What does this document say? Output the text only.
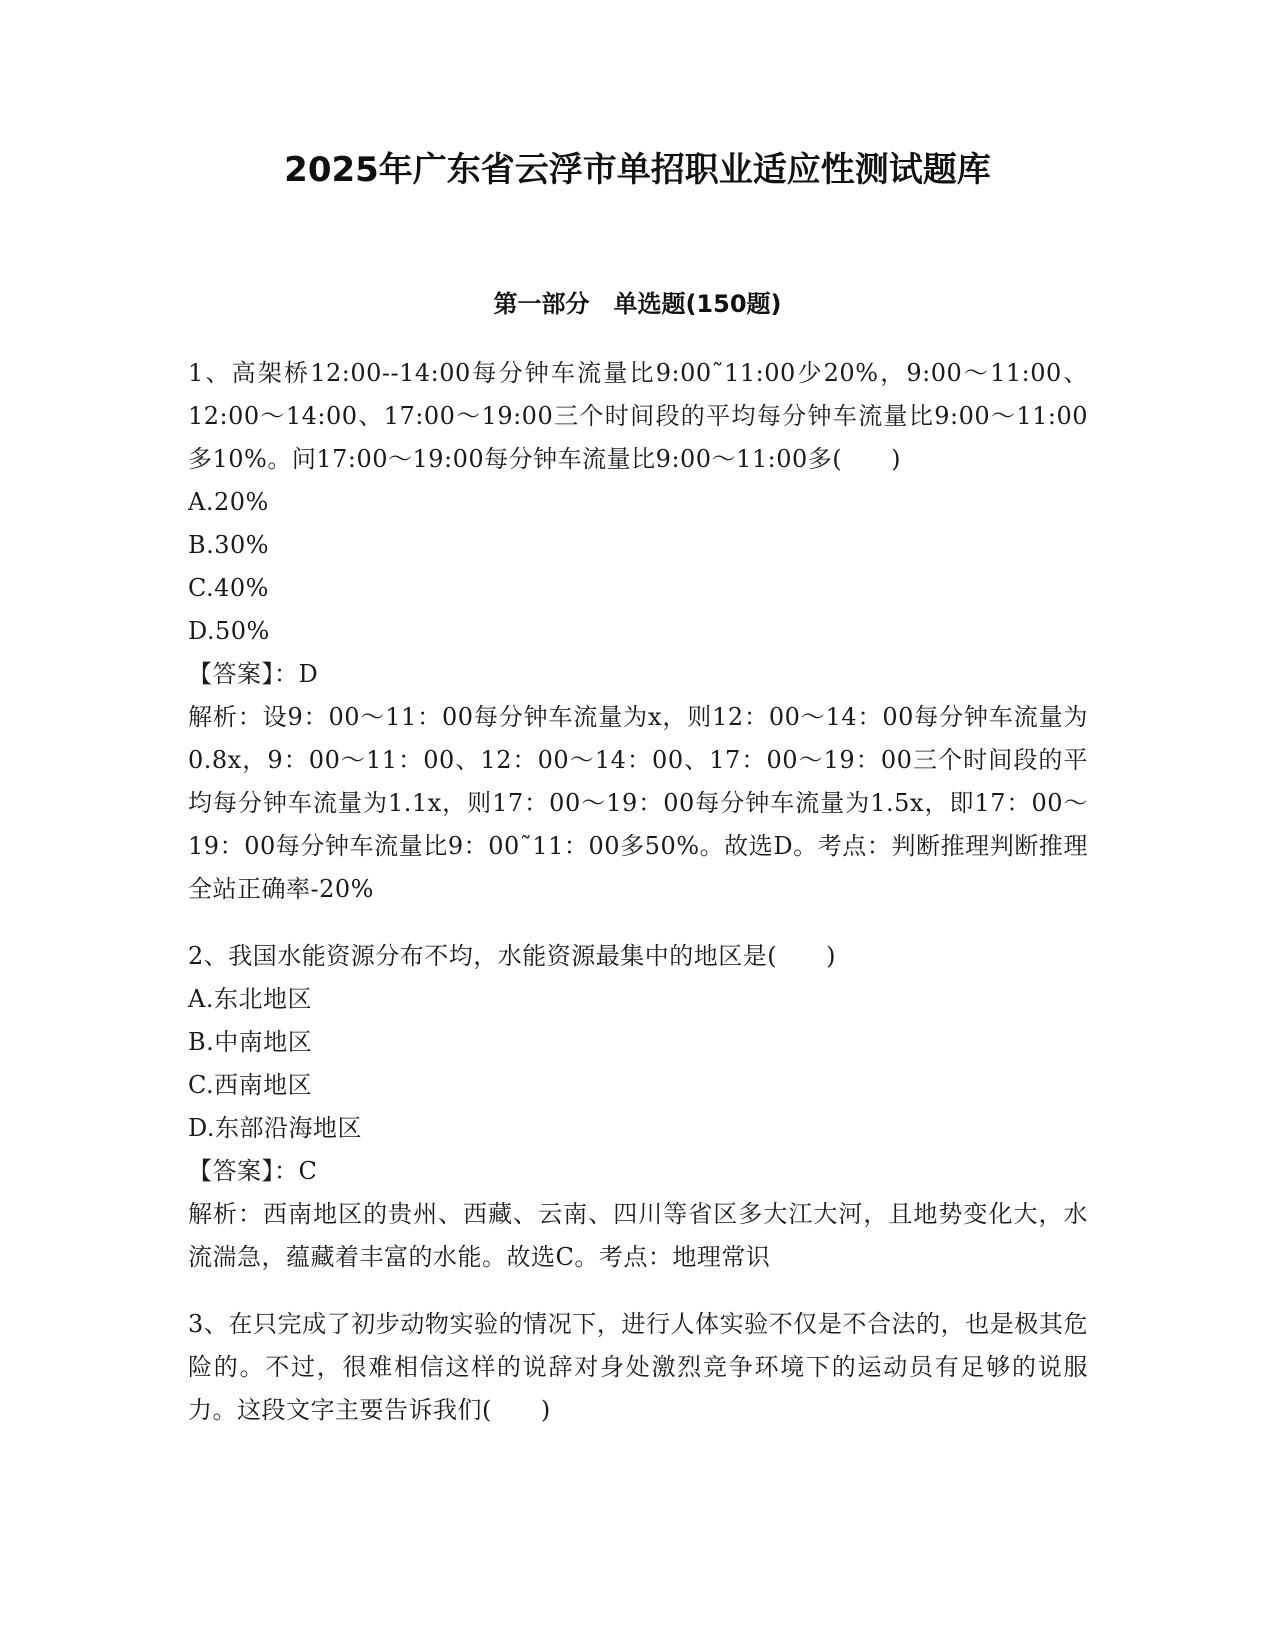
2025年广东省云浮市单招职业适应性测试题库
第一部分　单选题(150题)

1、高架桥12:00--14:00每分钟车流量比9:00˜11:00少20%，9:00～11:00、12:00～14:00、17:00～19:00三个时间段的平均每分钟车流量比9:00～11:00多10%。问17:00～19:00每分钟车流量比9:00～11:00多(　　)

A.20%

B.30%

C.40%

D.50%

【答案】：D

解析：设9：00～11：00每分钟车流量为x，则12：00～14：00每分钟车流量为0.8x，9：00～11：00、12：00～14：00、17：00～19：00三个时间段的平均每分钟车流量为1.1x，则17：00～19：00每分钟车流量为1.5x，即17：00～19：00每分钟车流量比9：00˜11：00多50%。故选D。考点：判断推理判断推理全站正确率-20%

2、我国水能资源分布不均，水能资源最集中的地区是(　　)

A.东北地区

B.中南地区

C.西南地区

D.东部沿海地区

【答案】：C

解析：西南地区的贵州、西藏、云南、四川等省区多大江大河，且地势变化大，水流湍急，蕴藏着丰富的水能。故选C。考点：地理常识

3、在只完成了初步动物实验的情况下，进行人体实验不仅是不合法的，也是极其危险的。不过，很难相信这样的说辞对身处激烈竞争环境下的运动员有足够的说服力。这段文字主要告诉我们(　　)
